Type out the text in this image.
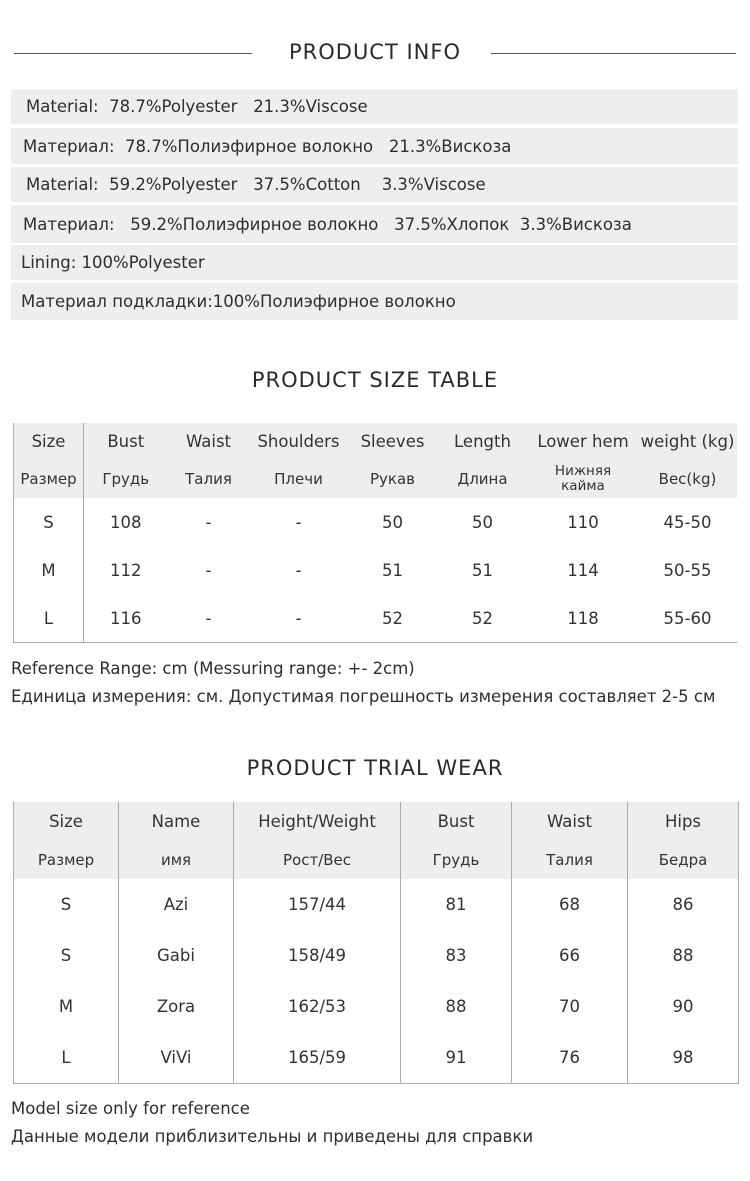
PRODUCT INFO
Material:  78.7%Polyester   21.3%Viscose
Материал:  78.7%Полиэфирное волокно   21.3%Вискоза
Material:  59.2%Polyester   37.5%Cotton    3.3%Viscose
Материал:   59.2%Полиэфирное волокно   37.5%Хлопок  3.3%Вискоза
Lining: 100%Polyester
Материал подкладки:100%Полиэфирное волокно
PRODUCT SIZE TABLE
Size	Bust	Waist	Shoulders	Sleeves	Length	Lower hem	weight (kg)
Размер	Грудь	Талия	Плечи	Рукав	Длина	Нижняя кайма	Вес(kg)
S	108	-	-	50	50	110	45-50
M	112	-	-	51	51	114	50-55
L	116	-	-	52	52	118	55-60
Reference Range: cm (Messuring range: +- 2cm)
Единица измерения: см. Допустимая погрешность измерения составляет 2-5 см
PRODUCT TRIAL WEAR
Size	Name	Height/Weight	Bust	Waist	Hips
Размер	имя	Рост/Вес	Грудь	Талия	Бедра
S	Azi	157/44	81	68	86
S	Gabi	158/49	83	66	88
M	Zora	162/53	88	70	90
L	ViVi	165/59	91	76	98
Model size only for reference
Данные модели приблизительны и приведены для справки
